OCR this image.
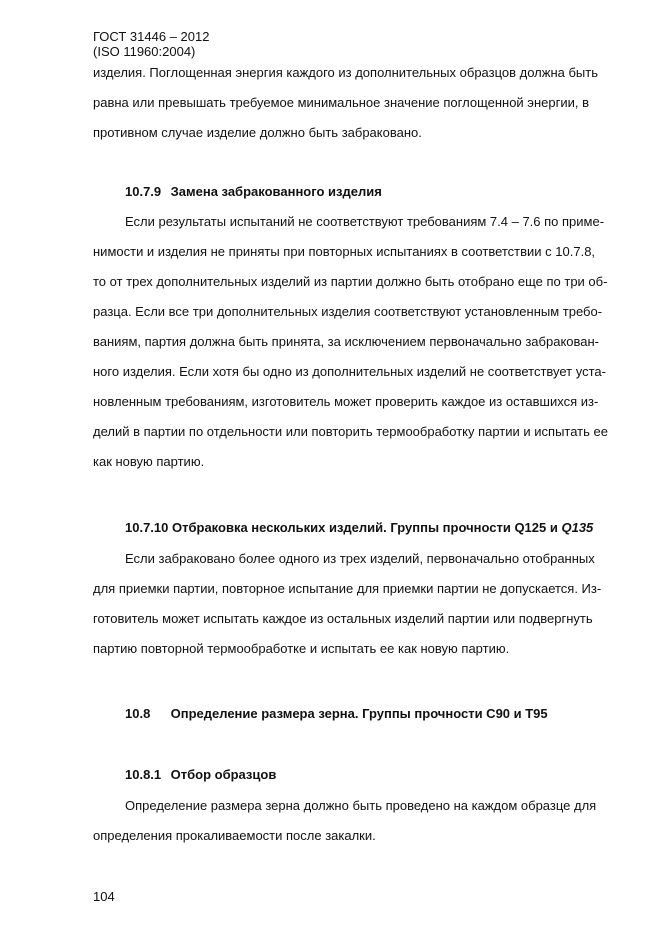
ГОСТ 31446 – 2012
(ISO 11960:2004)
изделия. Поглощенная энергия каждого из дополнительных образцов должна быть
равна или превышать требуемое минимальное значение поглощенной энергии, в
противном случае изделие должно быть забраковано.
10.7.9 Замена забракованного изделия
Если результаты испытаний не соответствуют требованиям 7.4 – 7.6 по приме-
нимости и изделия не приняты при повторных испытаниях в соответствии с 10.7.8,
то от трех дополнительных изделий из партии должно быть отобрано еще по три об-
разца. Если все три дополнительных изделия соответствуют установленным требо-
ваниям, партия должна быть принята, за исключением первоначально забракован-
ного изделия. Если хотя бы одно из дополнительных изделий не соответствует уста-
новленным требованиям, изготовитель может проверить каждое из оставшихся из-
делий в партии по отдельности или повторить термообработку партии и испытать ее
как новую партию.
10.7.10 Отбраковка нескольких изделий. Группы прочности Q125 и Q135
Если забраковано более одного из трех изделий, первоначально отобранных
для приемки партии, повторное испытание для приемки партии не допускается. Из-
готовитель может испытать каждое из остальных изделий партии или подвергнуть
партию повторной термообработке и испытать ее как новую партию.
10.8 Определение размера зерна. Группы прочности С90 и Т95
10.8.1 Отбор образцов
Определение размера зерна должно быть проведено на каждом образце для
определения прокаливаемости после закалки.
104
